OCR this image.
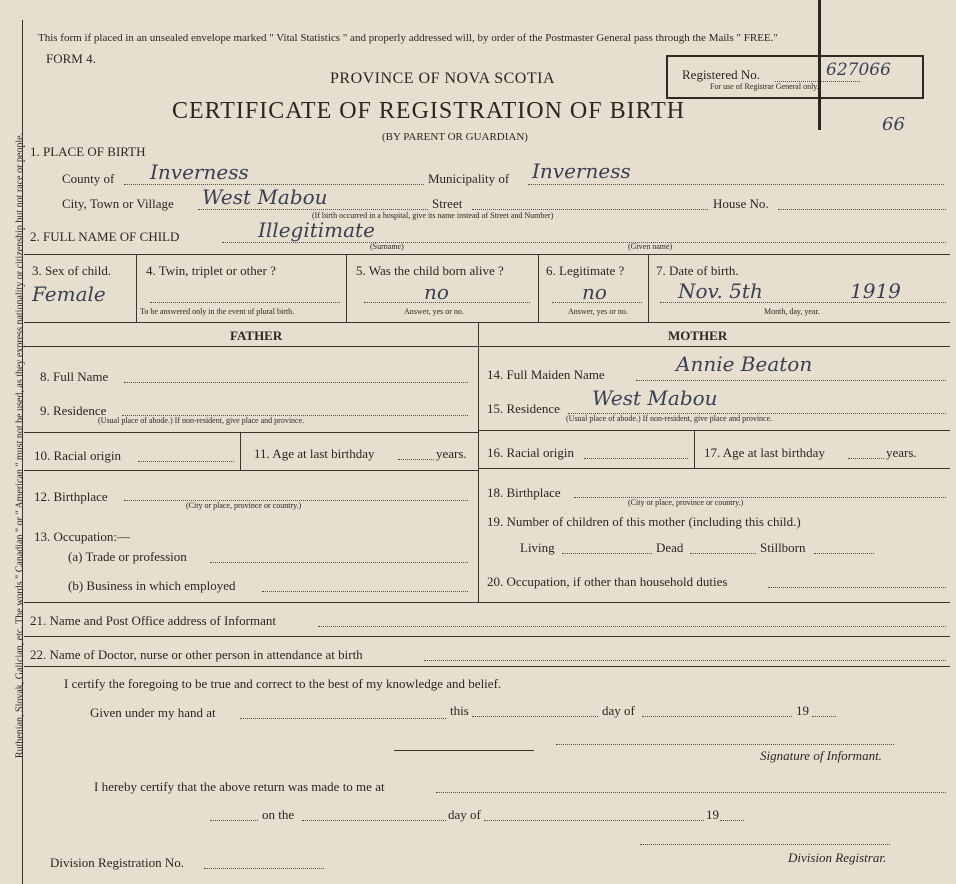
Ruthenian, Slovak, Galician, etc. The words " Canadian " or " American " must not be used, as they express nationality or citizenship but not race or people.
This form if placed in an unsealed envelope marked " Vital Statistics " and properly addressed will, by order of the Postmaster General pass through the Mails " FREE."
FORM 4.
PROVINCE OF NOVA SCOTIA
CERTIFICATE OF REGISTRATION OF BIRTH
(BY PARENT OR GUARDIAN)
Registered No.	627066
For use of Registrar General only.
66
1. PLACE OF BIRTH
County of Inverness	Municipality of Inverness
City, Town or Village West Mabou	Street	House No.
(If birth occurred in a hospital, give its name instead of Street and Number)
2. FULL NAME OF CHILD	Illegitimate
(Surname)	(Given name)
3. Sex of child.
Female
4. Twin, triplet or other ?
To be answered only in the event of plural birth.
5. Was the child born alive ?
no
Answer, yes or no.
6. Legitimate ?
no
Answer, yes or no.
7. Date of birth.
Nov. 5th	1919
Month, day, year.
FATHER	MOTHER
8. Full Name
9. Residence
(Usual place of abode.) If non-resident, give place and province.
10. Racial origin	11. Age at last birthday	years.
12. Birthplace
(City or place, province or country.)
13. Occupation:—
(a) Trade or profession
(b) Business in which employed
14. Full Maiden Name	Annie Beaton
15. Residence West Mabou
(Usual place of abode.) If non-resident, give place and province.
16. Racial origin	17. Age at last birthday	years.
18. Birthplace
(City or place, province or country.)
19. Number of children of this mother (including this child.)
Living	Dead	Stillborn
20. Occupation, if other than household duties
21. Name and Post Office address of Informant
22. Name of Doctor, nurse or other person in attendance at birth
I certify the foregoing to be true and correct to the best of my knowledge and belief.
Given under my hand at	this	day of	19
Signature of Informant.
I hereby certify that the above return was made to me at
on the	day of	19
Division Registration No.	Division Registrar.
